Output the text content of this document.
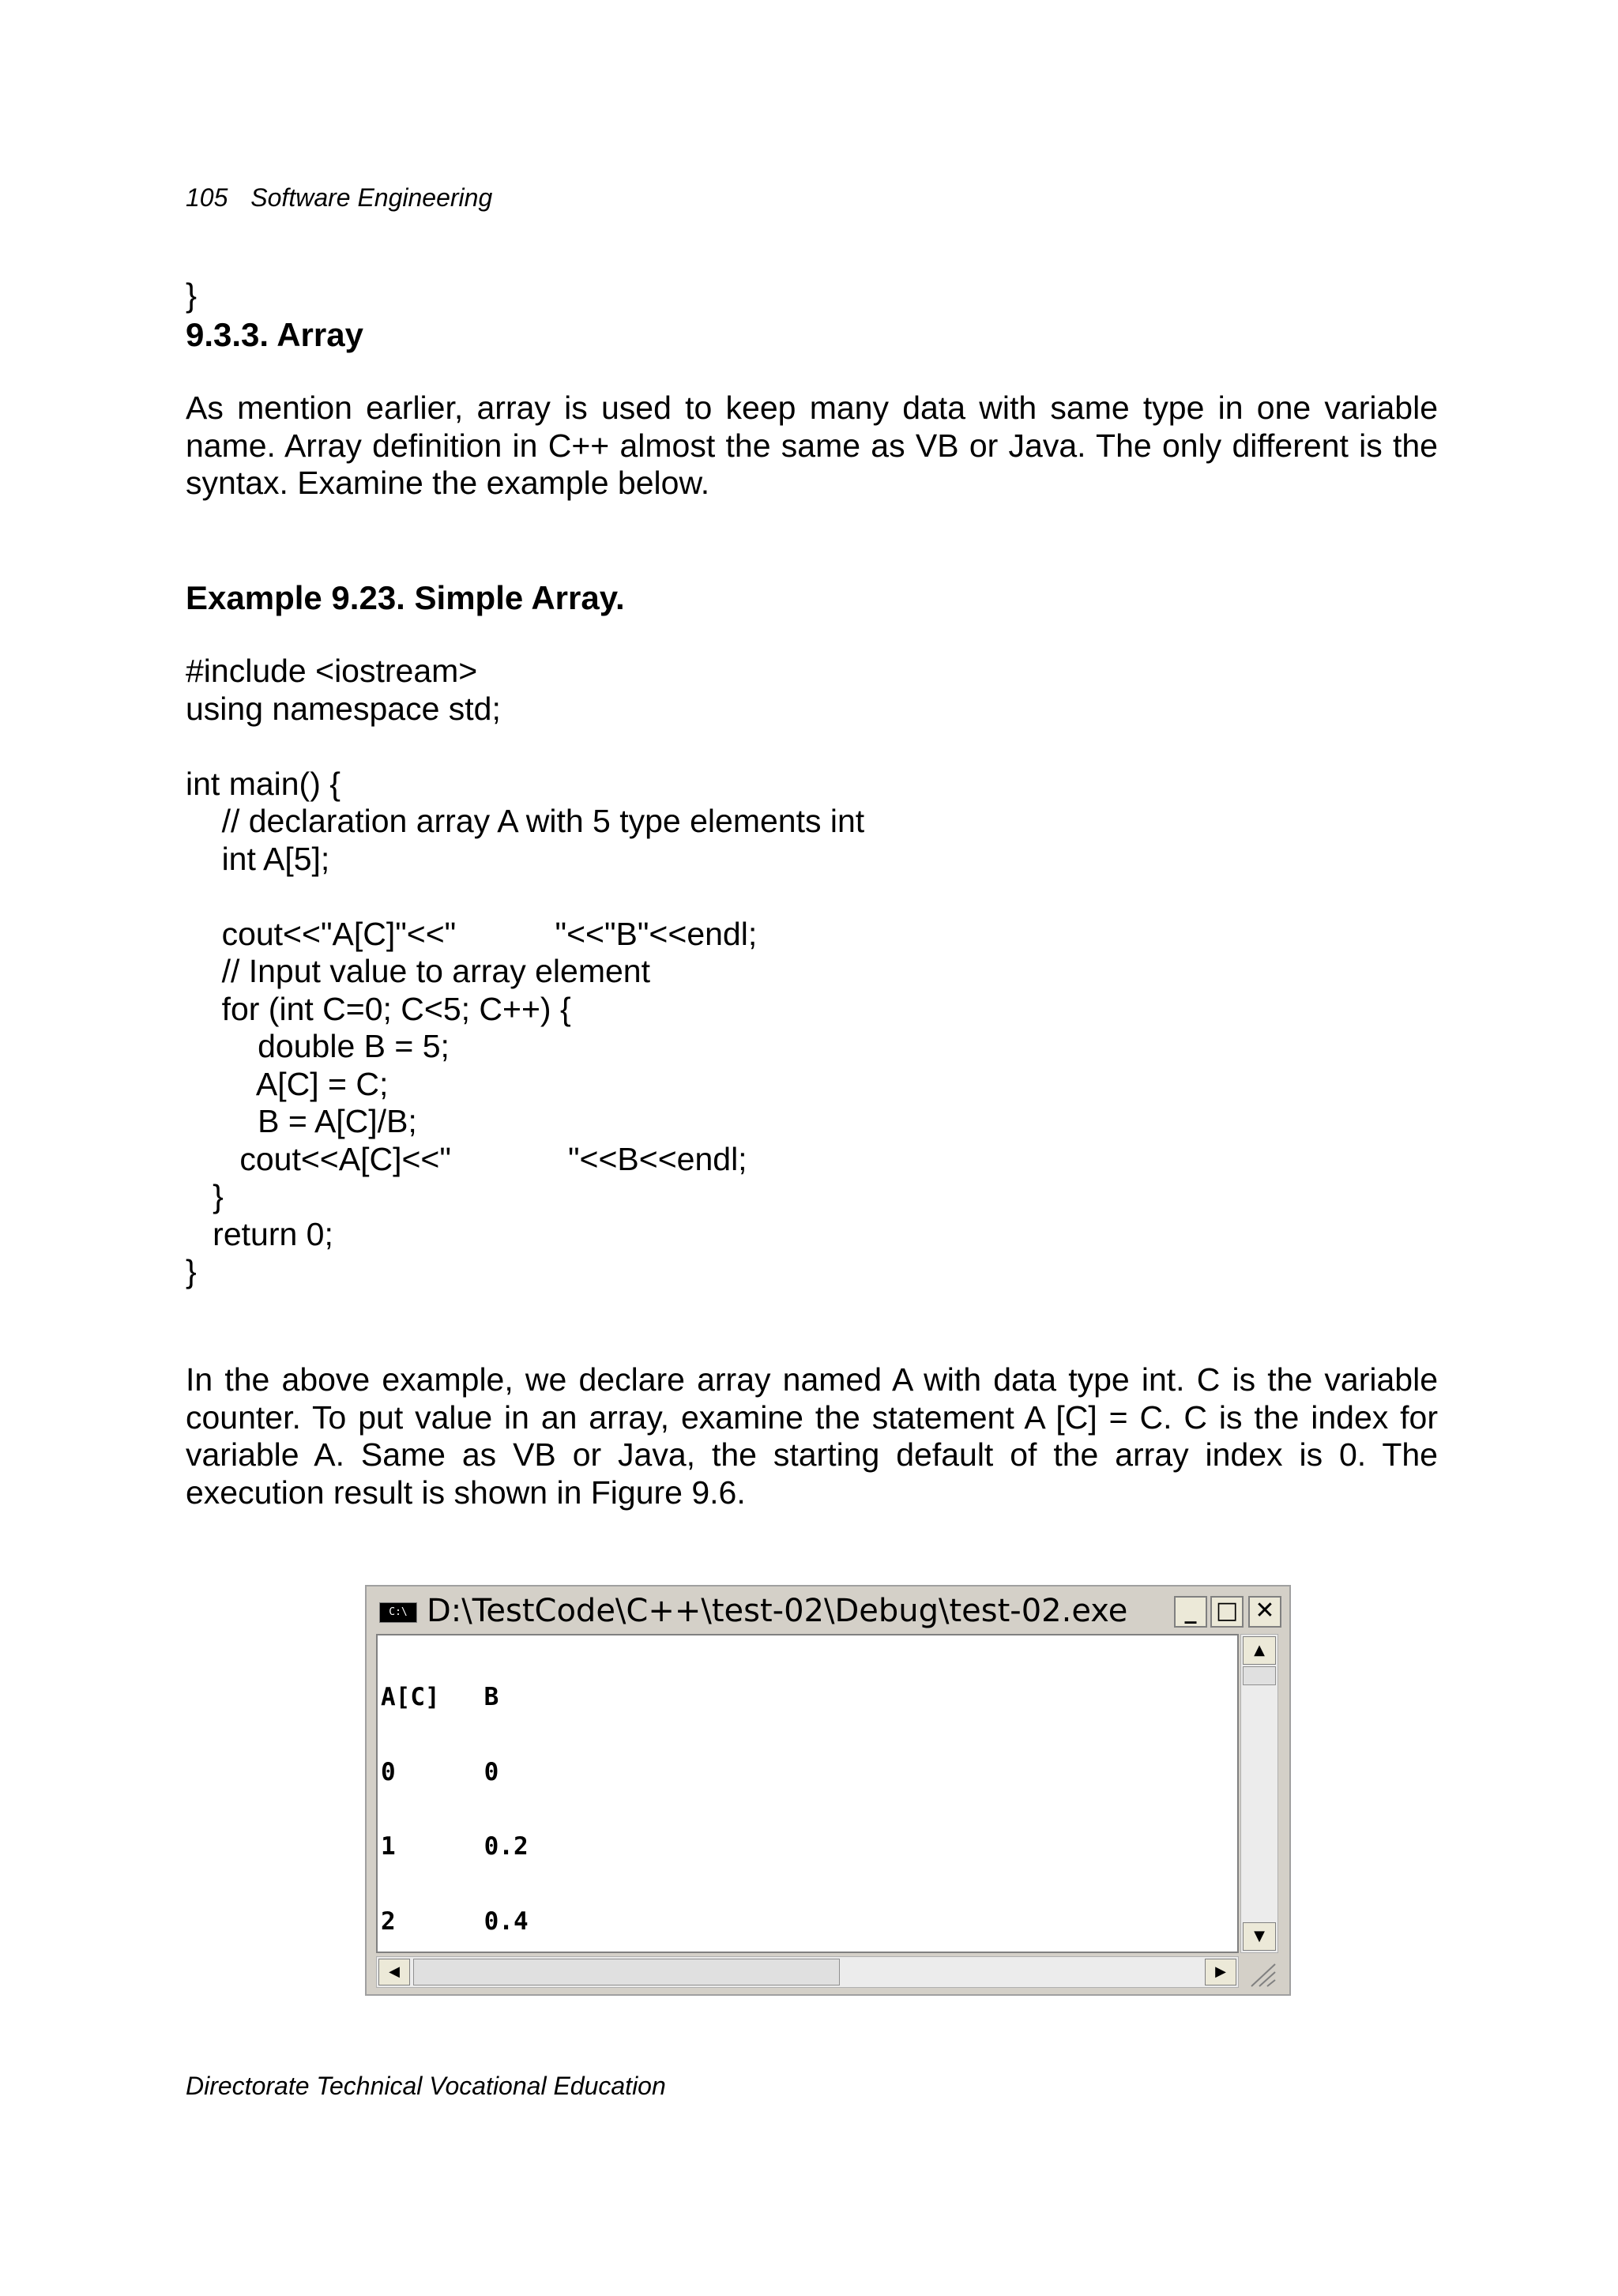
105 Software Engineering
}
9.3.3. Array
As mention earlier, array is used to keep many data with same type in one variable name. Array definition in C++ almost the same as VB or Java. The only different is the syntax. Examine the example below.
Example 9.23. Simple Array.
#include <iostream>
using namespace std;
int main() {
// declaration array A with 5 type elements int
int A[5];
cout<<"A[C]"<<"           "<<"B"<<endl;
// Input value to array element
for (int C=0; C<5; C++) {
double B = 5;
A[C] = C;
B = A[C]/B;
cout<<A[C]<<"             "<<B<<endl;
}
return 0;
}
In the above example, we declare array named A with data type int. C is the variable counter. To put value in an array, examine the statement A [C] = C. C is the index for variable A. Same as VB or Java, the starting default of the array index is 0. The execution result is shown in Figure 9.6.
C:\ D:\TestCode\C++\test-02\Debug\test-02.exe	_ □ ✕

A[C]   B

0      0

1      0.2

2      0.4

▲
▼
◀	▶
Directorate Technical Vocational Education
